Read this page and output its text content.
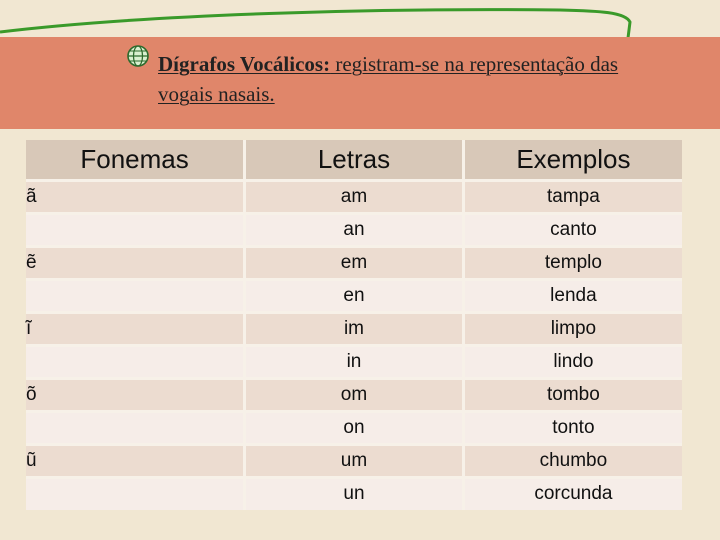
Dígrafos Vocálicos: registram-se na representação das vogais nasais.
Fonemas	Letras	Exemplos
ã	am	tampa
	an	canto
ẽ	em	templo
	en	lenda
ĩ	im	limpo
	in	lindo
õ	om	tombo
	on	tonto
ũ	um	chumbo
	un	corcunda
